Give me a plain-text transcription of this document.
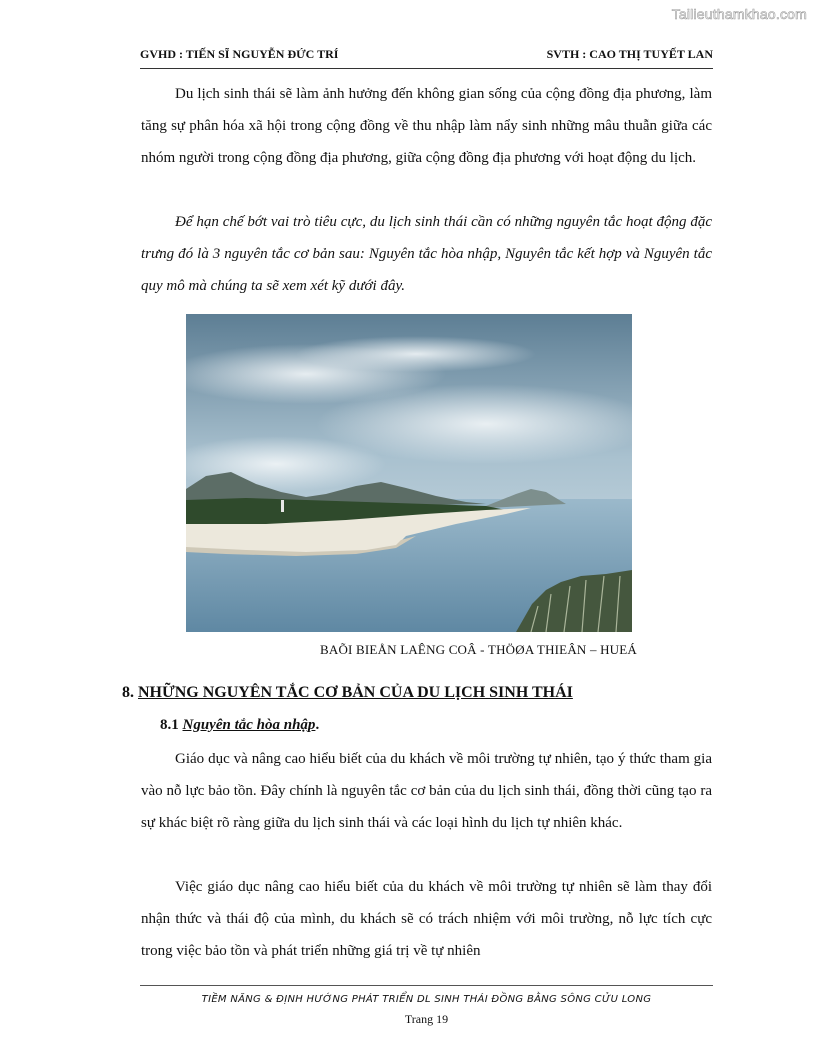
Tailieuthamkhao.com
GVHD : TIẾN SĨ NGUYỄN ĐỨC TRÍ	SVTH : CAO THỊ TUYẾT LAN

Du lịch sinh thái sẽ làm ảnh hưởng đến không gian sống của cộng đồng địa phương, làm tăng sự phân hóa xã hội trong cộng đồng về thu nhập làm nẩy sinh những mâu thuẫn giữa các nhóm người trong cộng đồng địa phương, giữa cộng đồng địa phương với hoạt động du lịch.

Để hạn chế bớt vai trò tiêu cực, du lịch sinh thái cần có những nguyên tắc hoạt động đặc trưng đó là 3 nguyên tắc cơ bản sau: Nguyên tắc hòa nhập, Nguyên tắc kết hợp và Nguyên tắc quy mô mà chúng ta sẽ xem xét kỹ dưới đây.

BAÕI BIEÅN LAÊNG COÂ - THÖØA THIEÂN – HUEÁ
8. NHỮNG NGUYÊN TẮC CƠ BẢN CỦA DU LỊCH SINH THÁI
8.1 Nguyên tắc hòa nhập.

Giáo dục và nâng cao hiểu biết của du khách về môi trường tự nhiên, tạo ý thức tham gia vào nỗ lực bảo tồn. Đây chính là nguyên tắc cơ bản của du lịch sinh thái, đồng thời cũng tạo ra sự khác biệt rõ ràng giữa du lịch sinh thái và các loại hình du lịch tự nhiên khác.

Việc giáo dục nâng cao hiểu biết của du khách về môi trường tự nhiên sẽ làm thay đổi nhận thức và thái độ của mình, du khách sẽ có trách nhiệm với môi trường, nỗ lực tích cực trong việc bảo tồn và phát triển những giá trị về tự nhiên

TIỀM NĂNG & ĐỊNH HƯỚNG PHÁT TRIỂN DL SINH THÁI ĐỒNG BẰNG SÔNG CỬU LONG
Trang 19
